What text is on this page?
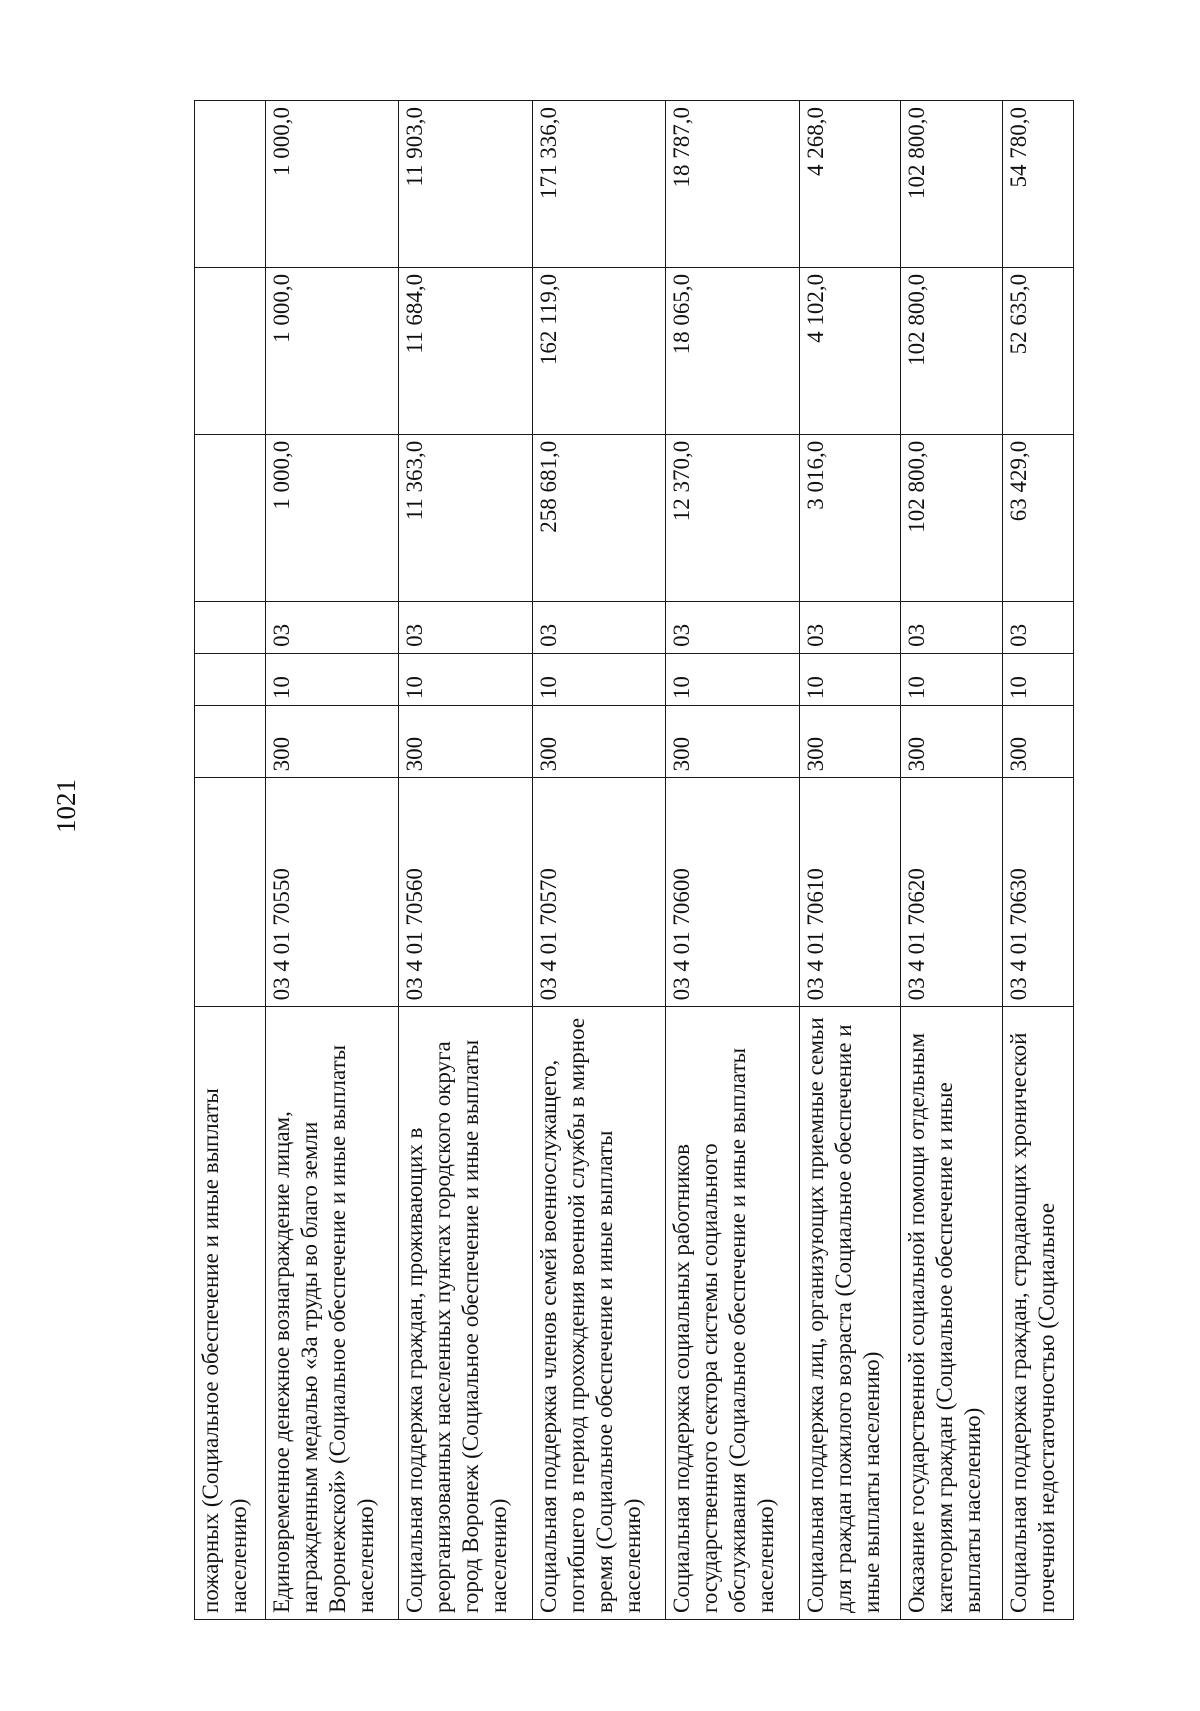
1021
пожарных (Социальное обеспечение и иные выплаты населению)							
Единовременное денежное вознаграждение лицам, награжденным медалью «За труды во благо земли Воронежской» (Социальное обеспечение и иные выплаты населению)	03 4 01 70550	300	10	03	1 000,0	1 000,0	1 000,0
Социальная поддержка граждан, проживающих в реорганизованных населенных пунктах городского округа город Воронеж (Социальное обеспечение и иные выплаты населению)	03 4 01 70560	300	10	03	11 363,0	11 684,0	11 903,0
Социальная поддержка членов семей военнослужащего, погибшего в период прохождения военной службы в мирное время (Социальное обеспечение и иные выплаты населению)	03 4 01 70570	300	10	03	258 681,0	162 119,0	171 336,0
Социальная поддержка социальных работников государственного сектора системы социального обслуживания (Социальное обеспечение и иные выплаты населению)	03 4 01 70600	300	10	03	12 370,0	18 065,0	18 787,0
Социальная поддержка лиц, организующих приемные семьи для граждан пожилого возраста (Социальное обеспечение и иные выплаты населению)	03 4 01 70610	300	10	03	3 016,0	4 102,0	4 268,0
Оказание государственной социальной помощи отдельным категориям граждан (Социальное обеспечение и иные выплаты населению)	03 4 01 70620	300	10	03	102 800,0	102 800,0	102 800,0
Социальная поддержка граждан, страдающих хронической почечной недостаточностью (Социальное	03 4 01 70630	300	10	03	63 429,0	52 635,0	54 780,0
